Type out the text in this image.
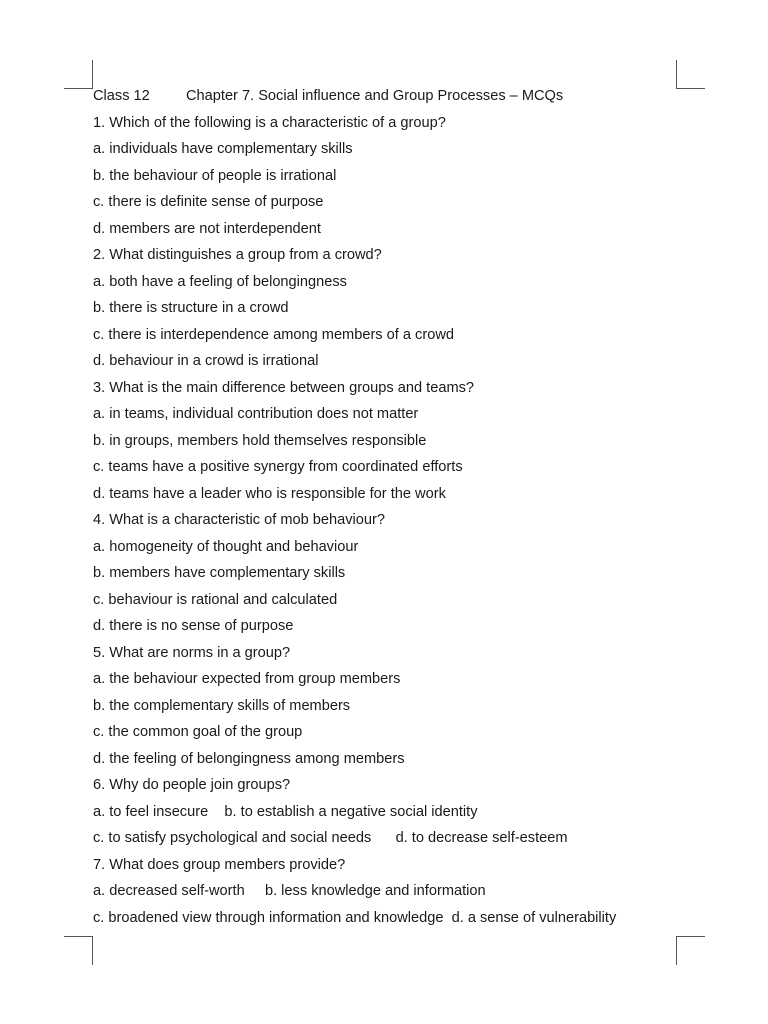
Class 12 Chapter 7. Social influence and Group Processes – MCQs
1. Which of the following is a characteristic of a group?
a. individuals have complementary skills
b. the behaviour of people is irrational
c. there is definite sense of purpose
d. members are not interdependent
2. What distinguishes a group from a crowd?
a. both have a feeling of belongingness
b. there is structure in a crowd
c. there is interdependence among members of a crowd
d. behaviour in a crowd is irrational
3. What is the main difference between groups and teams?
a. in teams, individual contribution does not matter
b. in groups, members hold themselves responsible
c. teams have a positive synergy from coordinated efforts
d. teams have a leader who is responsible for the work
4. What is a characteristic of mob behaviour?
a. homogeneity of thought and behaviour
b. members have complementary skills
c. behaviour is rational and calculated
d. there is no sense of purpose
5. What are norms in a group?
a. the behaviour expected from group members
b. the complementary skills of members
c. the common goal of the group
d. the feeling of belongingness among members
6. Why do people join groups?
a. to feel insecure    b. to establish a negative social identity
c. to satisfy psychological and social needs      d. to decrease self-esteem
7. What does group members provide?
a. decreased self-worth     b. less knowledge and information
c. broadened view through information and knowledge  d. a sense of vulnerability
